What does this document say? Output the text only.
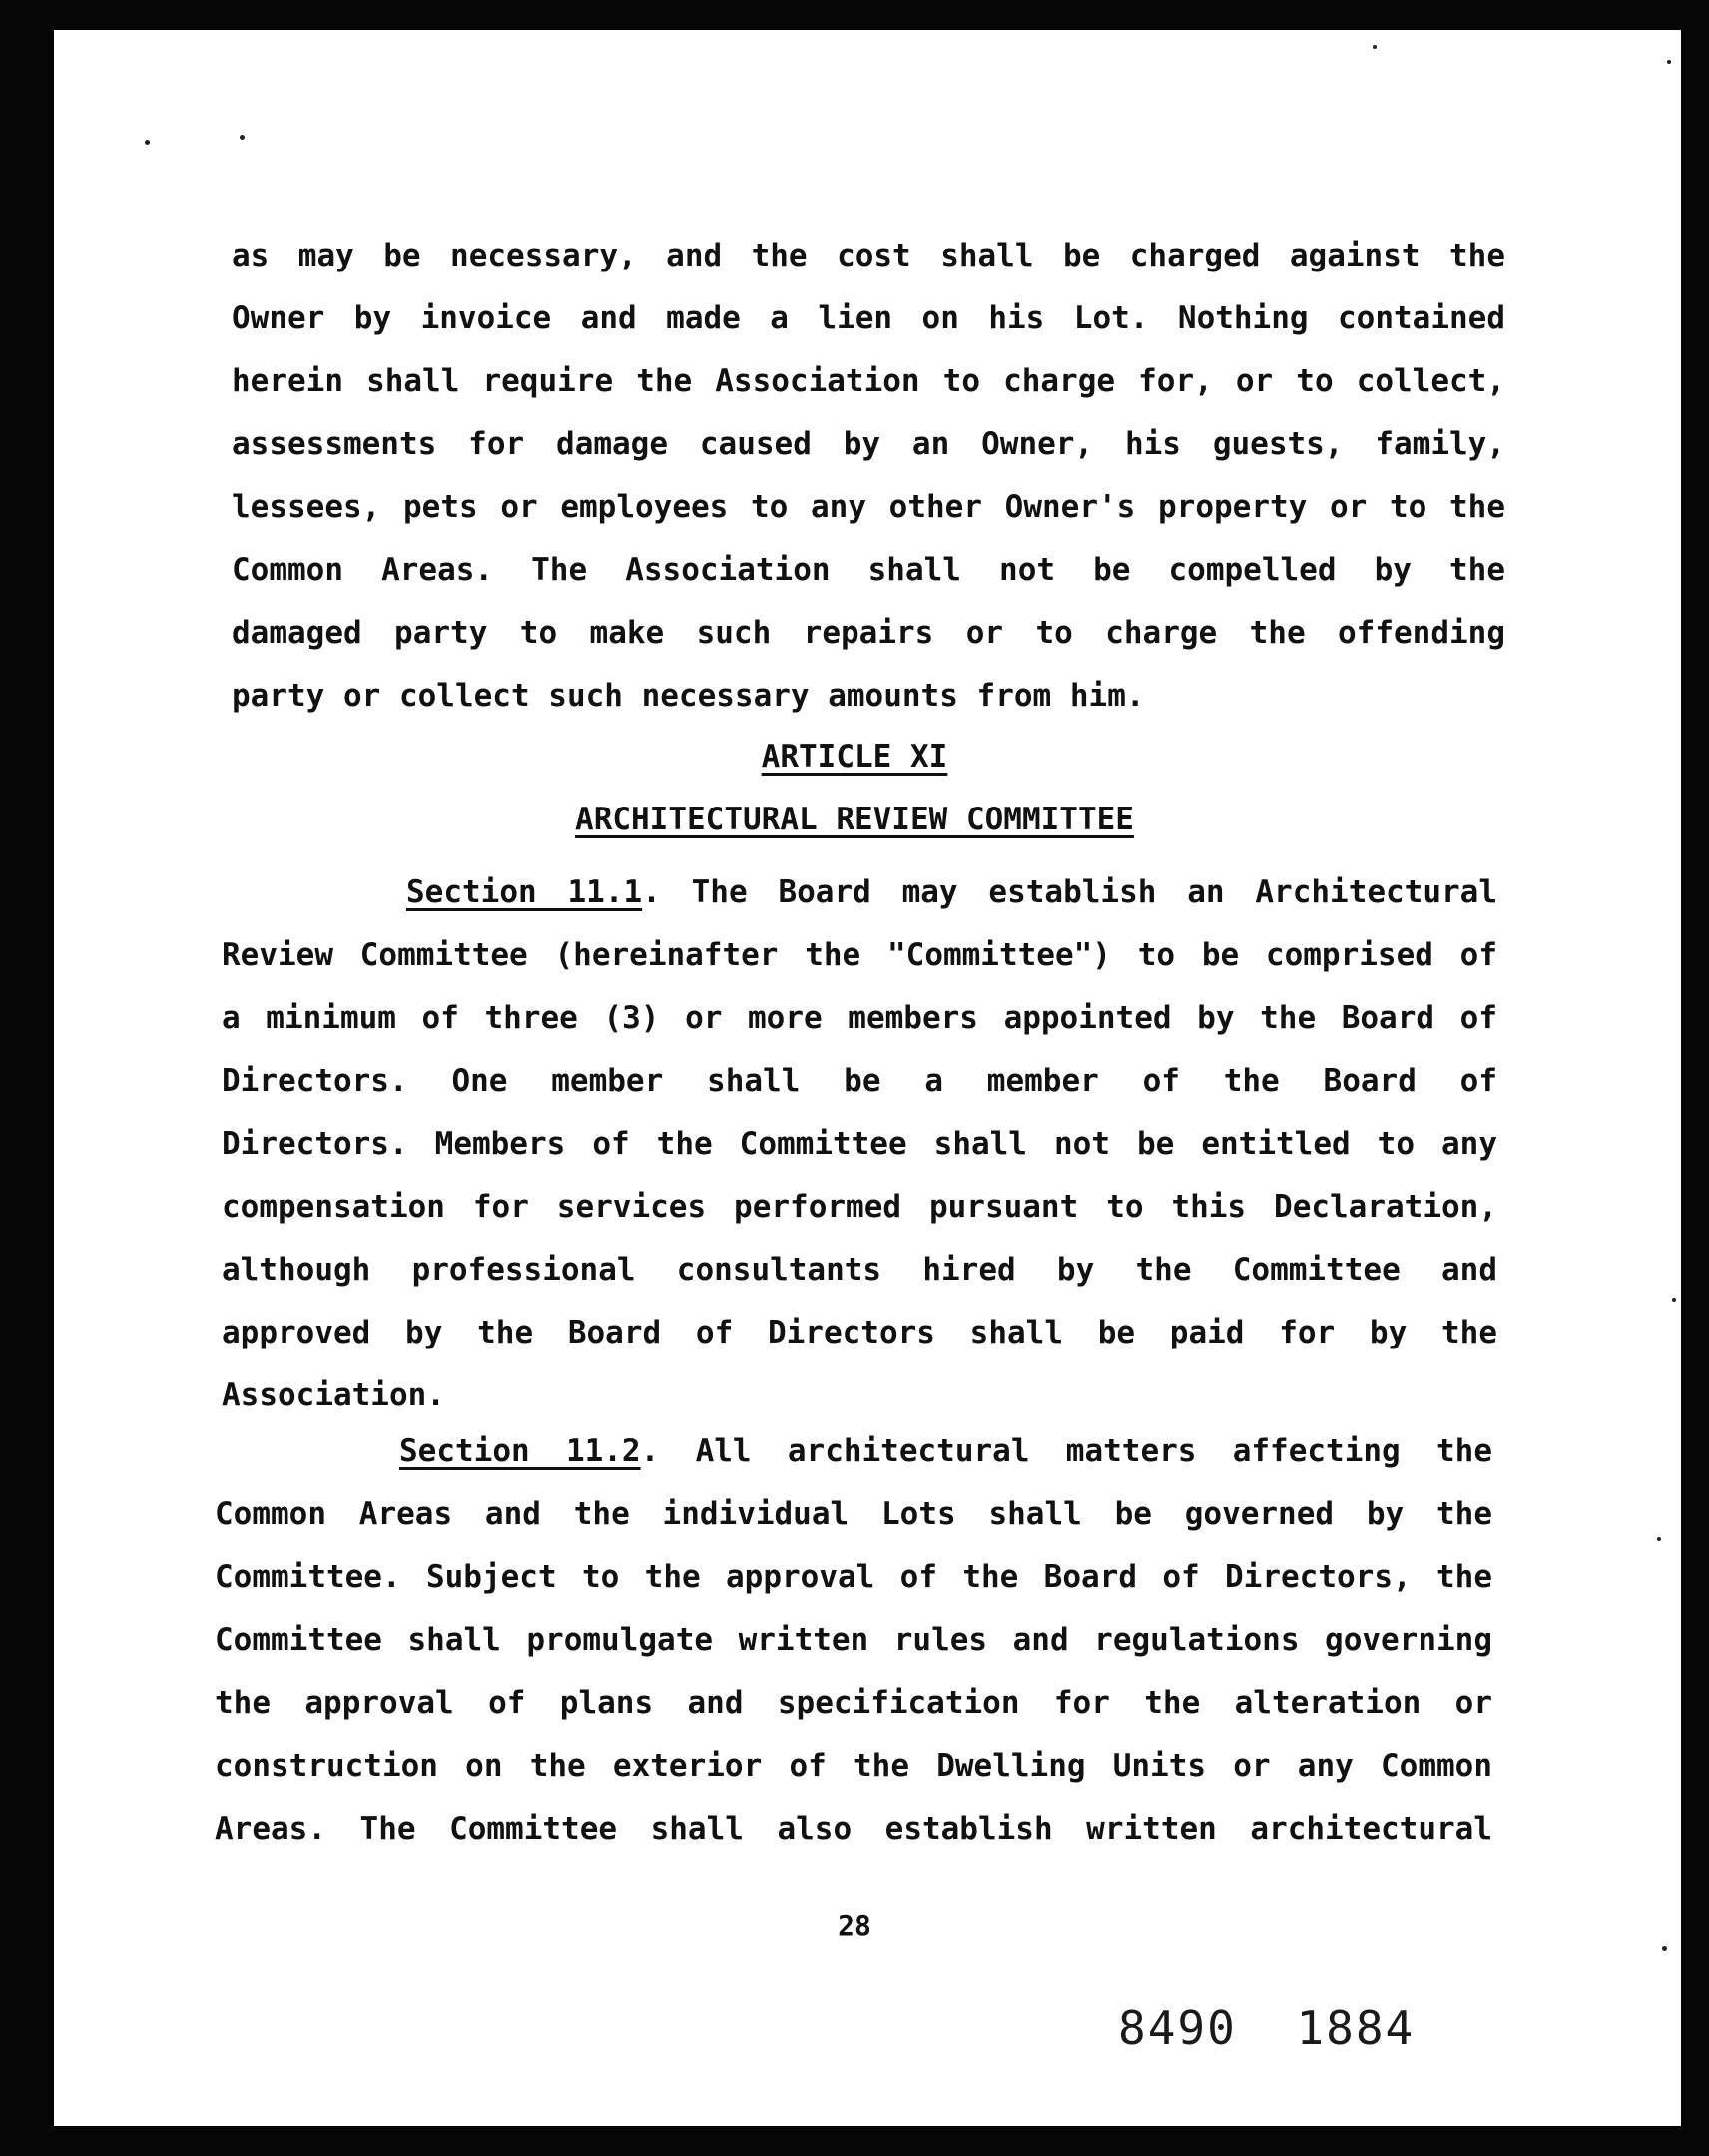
as may be necessary, and the cost shall be charged against the
Owner by invoice and made a lien on his Lot. Nothing contained
herein shall require the Association to charge for, or to collect,
assessments for damage caused by an Owner, his guests, family,
lessees, pets or employees to any other Owner's property or to the
Common Areas. The Association shall not be compelled by the
damaged party to make such repairs or to charge the offending
party or collect such necessary amounts from him.
ARTICLE XI
ARCHITECTURAL REVIEW COMMITTEE
Section 11.1. The Board may establish an Architectural
Review Committee (hereinafter the "Committee") to be comprised of
a minimum of three (3) or more members appointed by the Board of
Directors. One member shall be a member of the Board of
Directors. Members of the Committee shall not be entitled to any
compensation for services performed pursuant to this Declaration,
although professional consultants hired by the Committee and
approved by the Board of Directors shall be paid for by the
Association.
Section 11.2. All architectural matters affecting the
Common Areas and the individual Lots shall be governed by the
Committee. Subject to the approval of the Board of Directors, the
Committee shall promulgate written rules and regulations governing
the approval of plans and specification for the alteration or
construction on the exterior of the Dwelling Units or any Common
Areas. The Committee shall also establish written architectural
28
8490 1884
